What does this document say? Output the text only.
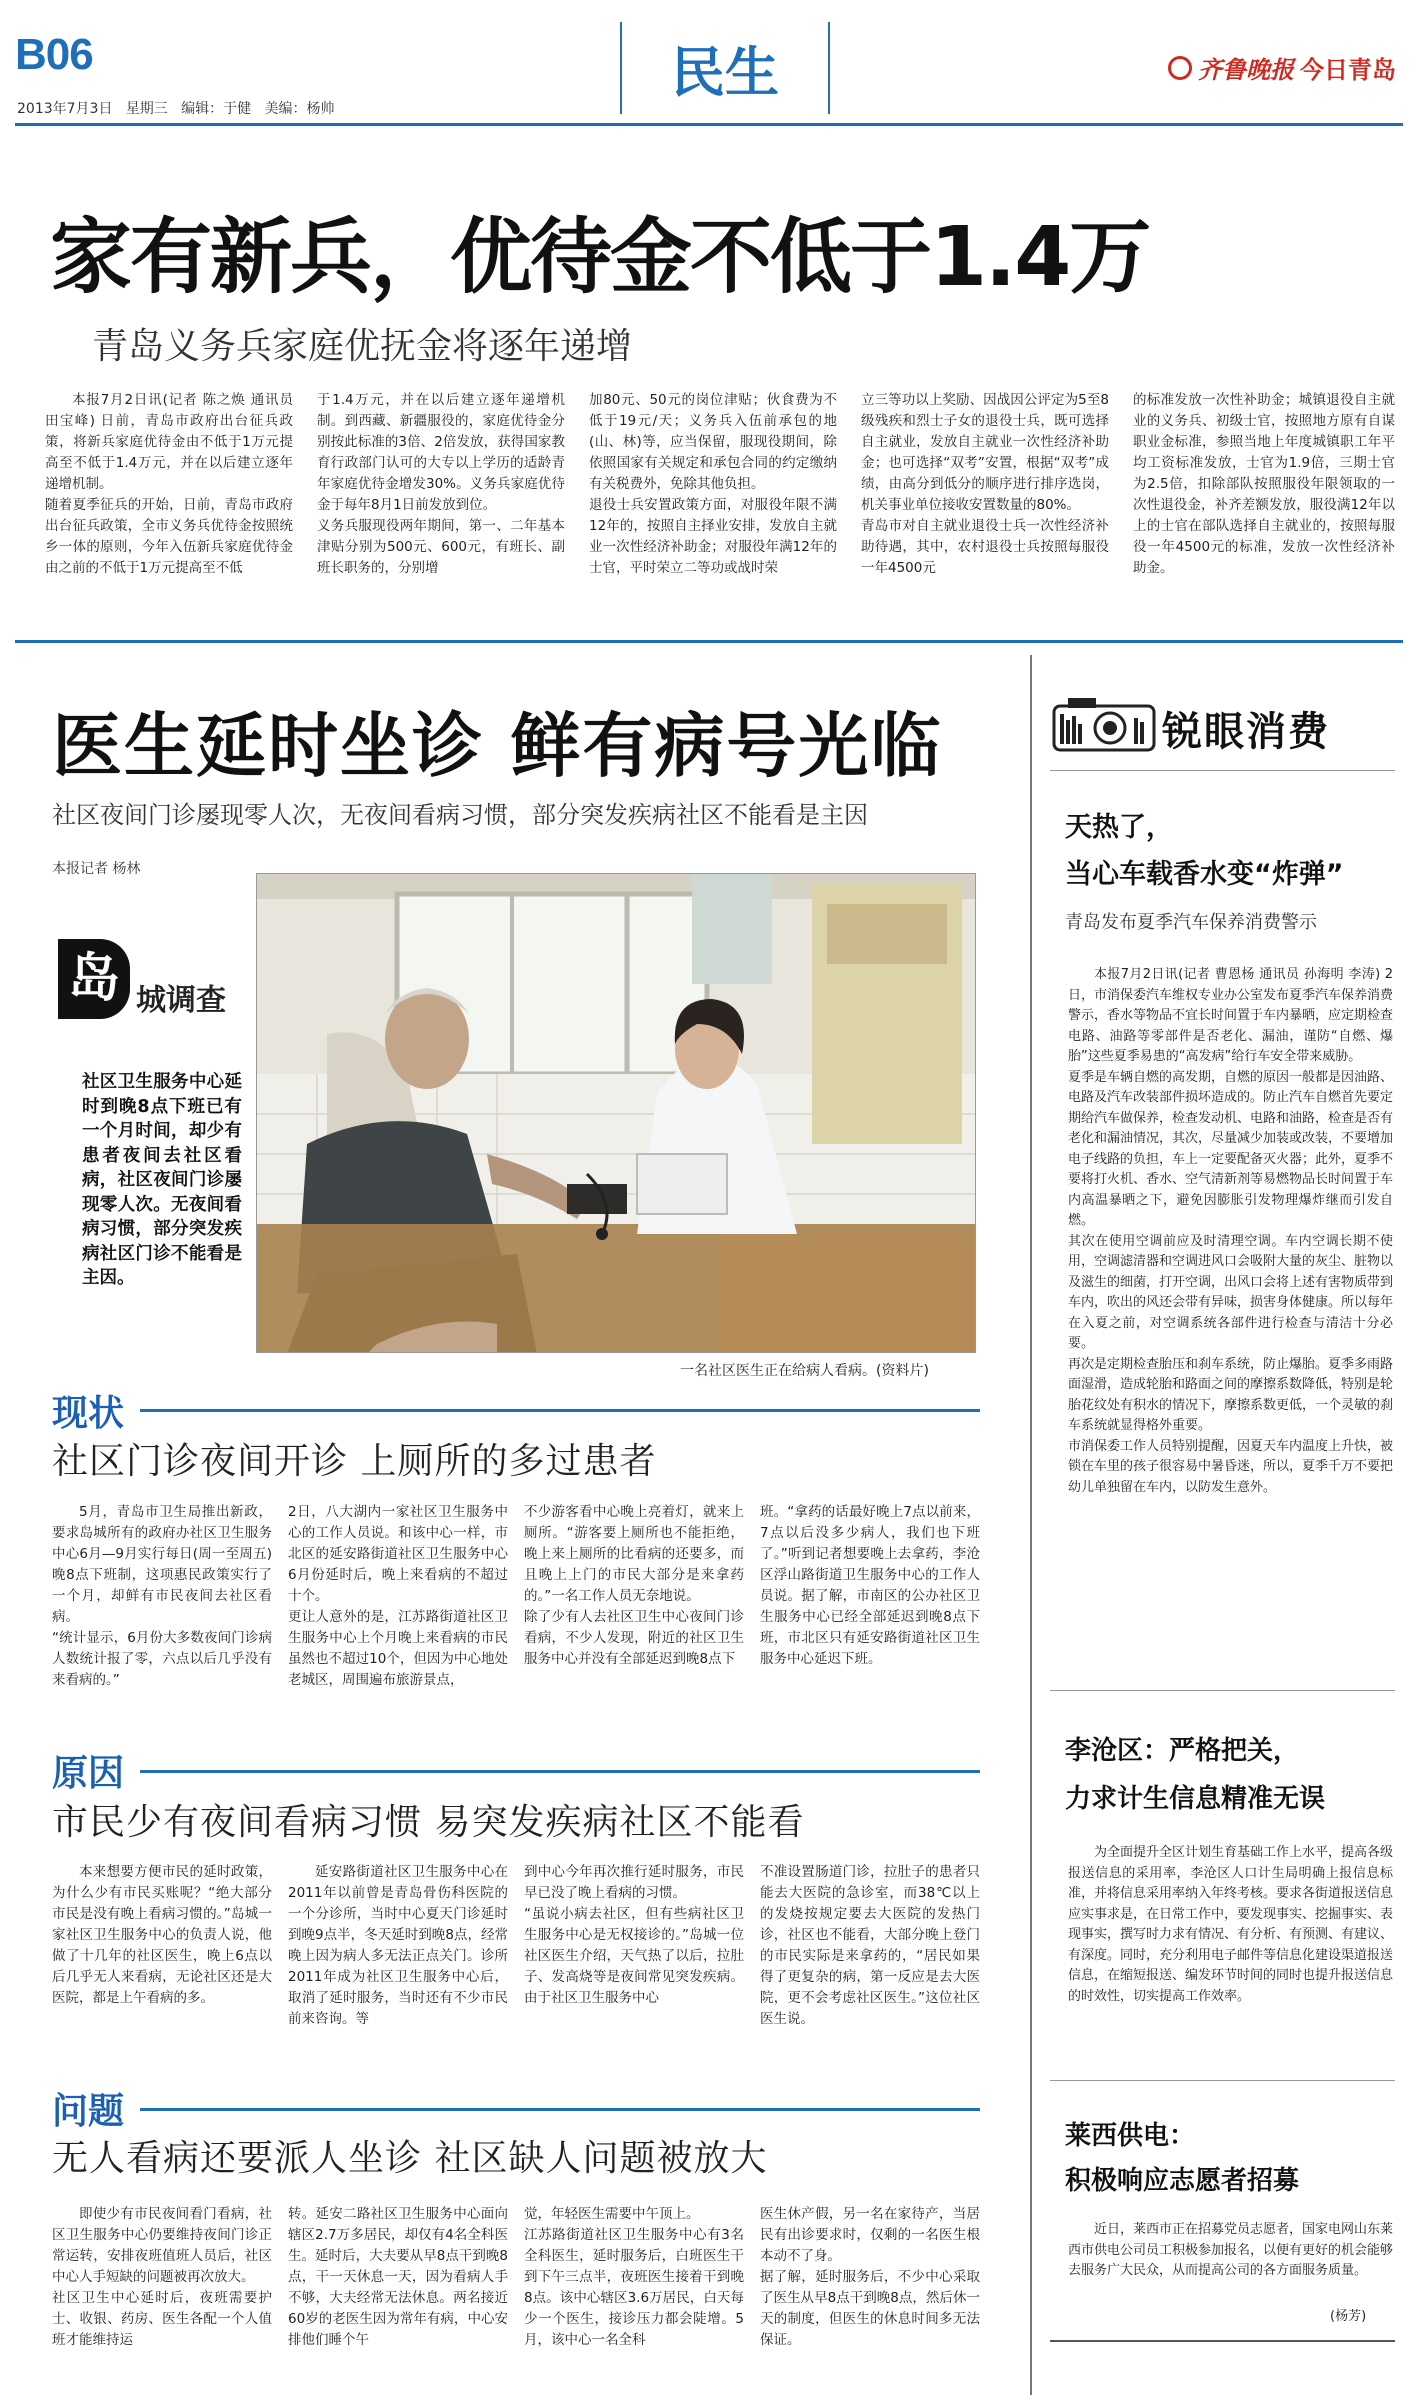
B06
2013年7月3日   星期三   编辑：于健   美编：杨帅
民生	齐鲁晚报 今日青岛
家有新兵，优待金不低于1.4万
青岛义务兵家庭优抚金将逐年递增

本报7月2日讯(记者 陈之焕 通讯员 田宝峰) 日前，青岛市政府出台征兵政策，将新兵家庭优待金由不低于1万元提高至不低于1.4万元，并在以后建立逐年递增机制。
随着夏季征兵的开始，日前，青岛市政府出台征兵政策，全市义务兵优待金按照统乡一体的原则，今年入伍新兵家庭优待金由之前的不低于1万元提高至不低

于1.4万元，并在以后建立逐年递增机制。到西藏、新疆服役的，家庭优待金分别按此标准的3倍、2倍发放，获得国家教育行政部门认可的大专以上学历的适龄青年家庭优待金增发30%。义务兵家庭优待金于每年8月1日前发放到位。
义务兵服现役两年期间，第一、二年基本津贴分别为500元、600元，有班长、副班长职务的，分别增

加80元、50元的岗位津贴；伙食费为不低于19元/天；义务兵入伍前承包的地(山、林)等，应当保留，服现役期间，除依照国家有关规定和承包合同的约定缴纳有关税费外，免除其他负担。
退役士兵安置政策方面，对服役年限不满12年的，按照自主择业安排，发放自主就业一次性经济补助金；对服役年满12年的士官，平时荣立二等功或战时荣

立三等功以上奖励、因战因公评定为5至8级残疾和烈士子女的退役士兵，既可选择自主就业，发放自主就业一次性经济补助金；也可选择“双考”安置，根据“双考”成绩，由高分到低分的顺序进行排序选岗，机关事业单位接收安置数量的80%。
青岛市对自主就业退役士兵一次性经济补助待遇，其中，农村退役士兵按照每服役一年4500元

的标准发放一次性补助金；城镇退役自主就业的义务兵、初级士官，按照地方原有自谋职业金标准，参照当地上年度城镇职工年平均工资标准发放，士官为1.9倍，三期士官为2.5倍，扣除部队按照服役年限领取的一次性退役金，补齐差额发放，服役满12年以上的士官在部队选择自主就业的，按照每服役一年4500元的标准，发放一次性经济补助金。

医生延时坐诊 鲜有病号光临
社区夜间门诊屡现零人次，无夜间看病习惯，部分突发疾病社区不能看是主因
本报记者 杨林
岛 城调查
社区卫生服务中心延时到晚8点下班已有一个月时间，却少有患者夜间去社区看病，社区夜间门诊屡现零人次。无夜间看病习惯，部分突发疾病社区门诊不能看是主因。
一名社区医生正在给病人看病。(资料片)
现状
社区门诊夜间开诊 上厕所的多过患者

5月，青岛市卫生局推出新政，要求岛城所有的政府办社区卫生服务中心6月—9月实行每日(周一至周五)晚8点下班制，这项惠民政策实行了一个月，却鲜有市民夜间去社区看病。
“统计显示，6月份大多数夜间门诊病人数统计报了零，六点以后几乎没有来看病的。”

2日，八大湖内一家社区卫生服务中心的工作人员说。和该中心一样，市北区的延安路街道社区卫生服务中心6月份延时后，晚上来看病的不超过十个。
更让人意外的是，江苏路街道社区卫生服务中心上个月晚上来看病的市民虽然也不超过10个，但因为中心地处老城区，周围遍布旅游景点，

不少游客看中心晚上亮着灯，就来上厕所。“游客要上厕所也不能拒绝，晚上来上厕所的比看病的还要多，而且晚上上门的市民大部分是来拿药的。”一名工作人员无奈地说。
除了少有人去社区卫生中心夜间门诊看病，不少人发现，附近的社区卫生服务中心并没有全部延迟到晚8点下

班。“拿药的话最好晚上7点以前来，7点以后没多少病人，我们也下班了。”听到记者想要晚上去拿药，李沧区浮山路街道卫生服务中心的工作人员说。据了解，市南区的公办社区卫生服务中心已经全部延迟到晚8点下班，市北区只有延安路街道社区卫生服务中心延迟下班。

原因
市民少有夜间看病习惯 易突发疾病社区不能看

本来想要方便市民的延时政策，为什么少有市民买账呢？“绝大部分市民是没有晚上看病习惯的。”岛城一家社区卫生服务中心的负责人说，他做了十几年的社区医生，晚上6点以后几乎无人来看病，无论社区还是大医院，都是上午看病的多。

延安路街道社区卫生服务中心在2011年以前曾是青岛骨伤科医院的一个分诊所，当时中心夏天门诊延时到晚9点半，冬天延时到晚8点，经常晚上因为病人多无法正点关门。诊所2011年成为社区卫生服务中心后，取消了延时服务，当时还有不少市民前来咨询。等

到中心今年再次推行延时服务，市民早已没了晚上看病的习惯。
“虽说小病去社区，但有些病社区卫生服务中心是无权接诊的。”岛城一位社区医生介绍，天气热了以后，拉肚子、发高烧等是夜间常见突发疾病。由于社区卫生服务中心

不准设置肠道门诊，拉肚子的患者只能去大医院的急诊室，而38℃以上的发烧按规定要去大医院的发热门诊，社区也不能看，大部分晚上登门的市民实际是来拿药的，“居民如果得了更复杂的病，第一反应是去大医院，更不会考虑社区医生。”这位社区医生说。

问题
无人看病还要派人坐诊 社区缺人问题被放大

即使少有市民夜间看门看病，社区卫生服务中心仍要维持夜间门诊正常运转，安排夜班值班人员后，社区中心人手短缺的问题被再次放大。
社区卫生中心延时后，夜班需要护士、收银、药房、医生各配一个人值班才能维持运

转。延安二路社区卫生服务中心面向辖区2.7万多居民，却仅有4名全科医生。延时后，大夫要从早8点干到晚8点，干一天休息一天，因为看病人手不够，大夫经常无法休息。两名接近60岁的老医生因为常年有病，中心安排他们睡个午

觉，年轻医生需要中午顶上。
江苏路街道社区卫生服务中心有3名全科医生，延时服务后，白班医生干到下午三点半，夜班医生接着干到晚8点。该中心辖区3.6万居民，白天每少一个医生，接诊压力都会陡增。5月，该中心一名全科

医生休产假，另一名在家待产，当居民有出诊要求时，仅剩的一名医生根本动不了身。
据了解，延时服务后，不少中心采取了医生从早8点干到晚8点，然后休一天的制度，但医生的休息时间多无法保证。

锐眼消费
天热了，
当心车载香水变“炸弹”
青岛发布夏季汽车保养消费警示

本报7月2日讯(记者 曹恩杨 通讯员 孙海明 李涛) 2日，市消保委汽车维权专业办公室发布夏季汽车保养消费警示，香水等物品不宜长时间置于车内暴晒，应定期检查电路、油路等零部件是否老化、漏油，谨防“自燃、爆胎”这些夏季易患的“高发病”给行车安全带来威胁。
夏季是车辆自燃的高发期，自燃的原因一般都是因油路、电路及汽车改装部件损坏造成的。防止汽车自燃首先要定期给汽车做保养，检查发动机、电路和油路，检查是否有老化和漏油情况，其次，尽量减少加装或改装，不要增加电子线路的负担，车上一定要配备灭火器；此外，夏季不要将打火机、香水、空气清新剂等易燃物品长时间置于车内高温暴晒之下，避免因膨胀引发物理爆炸继而引发自燃。
其次在使用空调前应及时清理空调。车内空调长期不使用，空调滤清器和空调进风口会吸附大量的灰尘、脏物以及滋生的细菌，打开空调，出风口会将上述有害物质带到车内，吹出的风还会带有异味，损害身体健康。所以每年在入夏之前，对空调系统各部件进行检查与清洁十分必要。
再次是定期检查胎压和刹车系统，防止爆胎。夏季多雨路面湿滑，造成轮胎和路面之间的摩擦系数降低，特别是轮胎花纹处有积水的情况下，摩擦系数更低，一个灵敏的刹车系统就显得格外重要。
市消保委工作人员特别提醒，因夏天车内温度上升快，被锁在车里的孩子很容易中暑昏迷，所以，夏季千万不要把幼儿单独留在车内，以防发生意外。

李沧区：严格把关，
力求计生信息精准无误

为全面提升全区计划生育基础工作上水平，提高各级报送信息的采用率，李沧区人口计生局明确上报信息标准，并将信息采用率纳入年终考核。要求各街道报送信息应实事求是，在日常工作中，要发现事实、挖掘事实、表现事实，撰写时力求有情况、有分析、有预测、有建议、有深度。同时，充分利用电子邮件等信息化建设渠道报送信息，在缩短报送、编发环节时间的同时也提升报送信息的时效性，切实提高工作效率。

莱西供电：
积极响应志愿者招募

近日，莱西市正在招募党员志愿者，国家电网山东莱西市供电公司员工积极参加报名，以便有更好的机会能够去服务广大民众，从而提高公司的各方面服务质量。

(杨芳)
